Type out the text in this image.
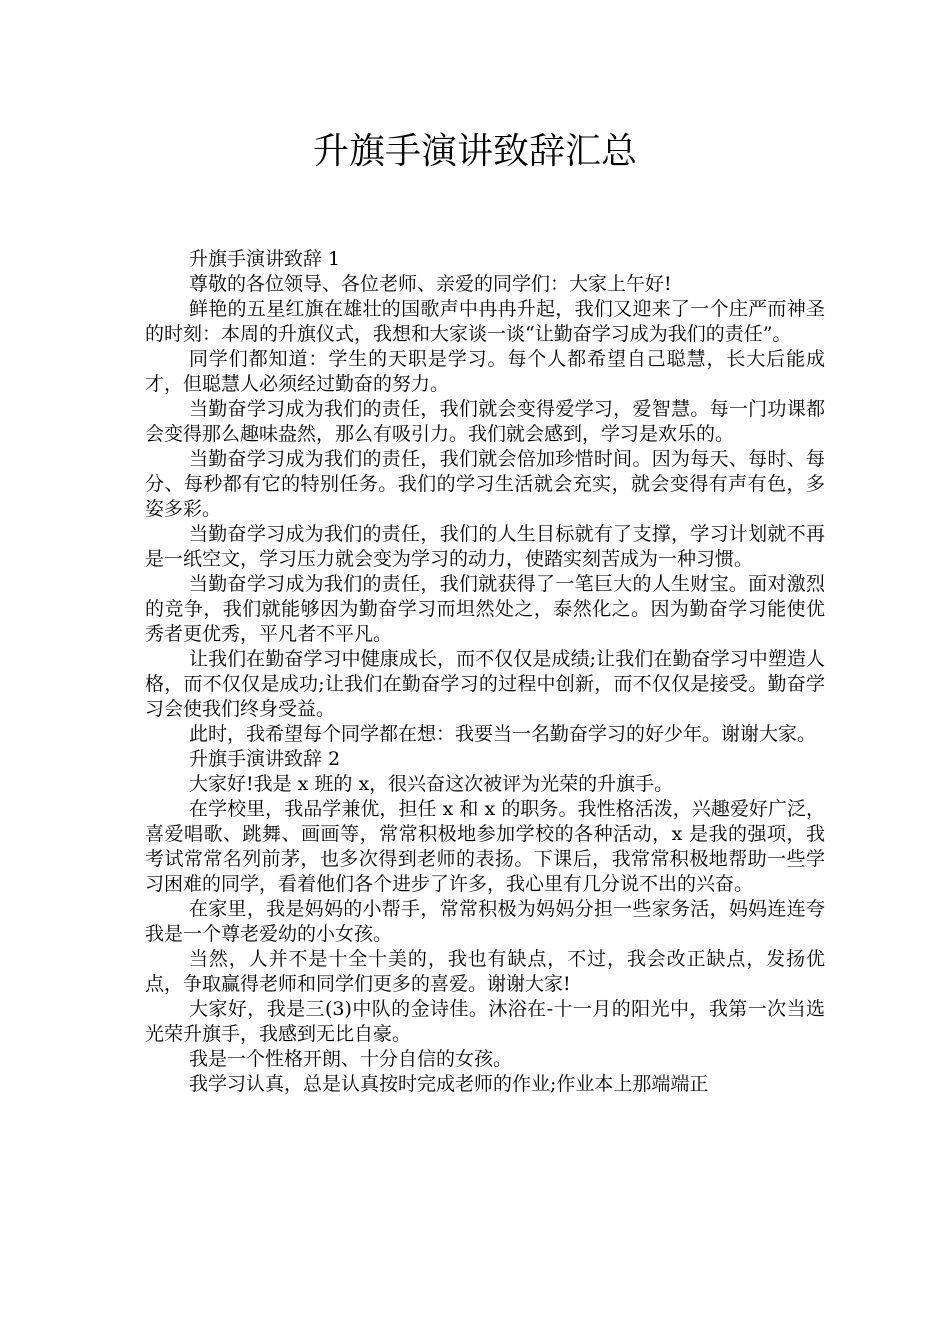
升旗手演讲致辞汇总

升旗手演讲致辞 1

尊敬的各位领导、各位老师、亲爱的同学们：大家上午好!

鲜艳的五星红旗在雄壮的国歌声中冉冉升起，我们又迎来了一个庄严而神圣的时刻：本周的升旗仪式，我想和大家谈一谈“让勤奋学习成为我们的责任”。

同学们都知道：学生的天职是学习。每个人都希望自己聪慧，长大后能成才，但聪慧人必须经过勤奋的努力。

当勤奋学习成为我们的责任，我们就会变得爱学习，爱智慧。每一门功课都会变得那么趣味盎然，那么有吸引力。我们就会感到，学习是欢乐的。

当勤奋学习成为我们的责任，我们就会倍加珍惜时间。因为每天、每时、每分、每秒都有它的特别任务。我们的学习生活就会充实，就会变得有声有色，多姿多彩。

当勤奋学习成为我们的责任，我们的人生目标就有了支撑，学习计划就不再是一纸空文，学习压力就会变为学习的动力，使踏实刻苦成为一种习惯。

当勤奋学习成为我们的责任，我们就获得了一笔巨大的人生财宝。面对激烈的竞争，我们就能够因为勤奋学习而坦然处之，泰然化之。因为勤奋学习能使优秀者更优秀，平凡者不平凡。

让我们在勤奋学习中健康成长，而不仅仅是成绩;让我们在勤奋学习中塑造人格，而不仅仅是成功;让我们在勤奋学习的过程中创新，而不仅仅是接受。勤奋学习会使我们终身受益。

此时，我希望每个同学都在想：我要当一名勤奋学习的好少年。谢谢大家。

升旗手演讲致辞 2

大家好!我是 x 班的 x，很兴奋这次被评为光荣的升旗手。

在学校里，我品学兼优，担任 x 和 x 的职务。我性格活泼，兴趣爱好广泛，喜爱唱歌、跳舞、画画等，常常积极地参加学校的各种活动，x 是我的强项，我考试常常名列前茅，也多次得到老师的表扬。下课后，我常常积极地帮助一些学习困难的同学，看着他们各个进步了许多，我心里有几分说不出的兴奋。

在家里，我是妈妈的小帮手，常常积极为妈妈分担一些家务活，妈妈连连夸我是一个尊老爱幼的小女孩。

当然，人并不是十全十美的，我也有缺点，不过，我会改正缺点，发扬优点，争取赢得老师和同学们更多的喜爱。谢谢大家!

大家好，我是三(3)中队的金诗佳。沐浴在-十一月的阳光中，我第一次当选光荣升旗手，我感到无比自豪。

我是一个性格开朗、十分自信的女孩。

我学习认真，总是认真按时完成老师的作业;作业本上那端端正
